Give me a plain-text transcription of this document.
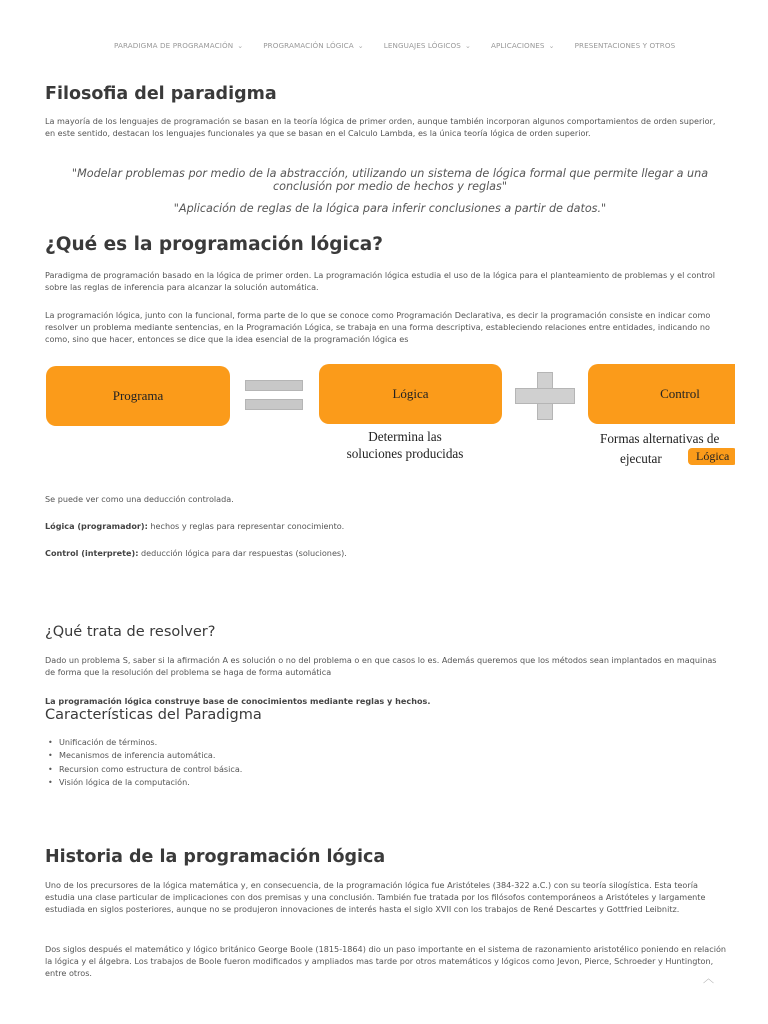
PARADIGMA DE PROGRAMACIÓN ⌄	PROGRAMACIÓN LÓGICA ⌄	LENGUAJES LÓGICOS ⌄	APLICACIONES ⌄	PRESENTACIONES Y OTROS
Filosofia del paradigma

La mayoría de los lenguajes de programación se basan en la teoría lógica de primer orden, aunque también incorporan algunos comportamientos de orden superior, en este sentido, destacan los lenguajes funcionales ya que se basan en el Calculo Lambda, es la única teoría lógica de orden superior.

"Modelar problemas por medio de la abstracción, utilizando un sistema de lógica formal que permite llegar a una conclusión por medio de hechos y reglas"

"Aplicación de reglas de la lógica para inferir conclusiones a partir de datos."

¿Qué es la programación lógica?

Paradigma de programación basado en la lógica de primer orden. La programación lógica estudia el uso de la lógica para el planteamiento de problemas y el control sobre las reglas de inferencia para alcanzar la solución automática.

La programación lógica, junto con la funcional, forma parte de lo que se conoce como Programación Declarativa, es decir la programación consiste en indicar como resolver un problema mediante sentencias, en la Programación Lógica, se trabaja en una forma descriptiva, estableciendo relaciones entre entidades, indicando no como, sino que hacer, entonces se dice que la idea esencial de la programación lógica es

Programa	Lógica	Control
Determina las
soluciones producidas
Formas alternativas de
ejecutar	Lógica

Se puede ver como una deducción controlada.

Lógica (programador): hechos y reglas para representar conocimiento.

Control (interprete): deducción lógica para dar respuestas (soluciones).

¿Qué trata de resolver?

Dado un problema S, saber si la afirmación A es solución o no del problema o en que casos lo es. Además queremos que los métodos sean implantados en maquinas de forma que la resolución del problema se haga de forma automática

La programación lógica construye base de conocimientos mediante reglas y hechos.

Características del Paradigma
• Unificación de términos.
• Mecanismos de inferencia automática.
• Recursion como estructura de control básica.
• Visión lógica de la computación.
Historia de la programación lógica

Uno de los precursores de la lógica matemática y, en consecuencia, de la programación lógica fue Aristóteles (384-322 a.C.) con su teoría silogística. Esta teoría estudia una clase particular de implicaciones con dos premisas y una conclusión. También fue tratada por los filósofos contemporáneos a Aristóteles y largamente estudiada en siglos posteriores, aunque no se produjeron innovaciones de interés hasta el siglo XVII con los trabajos de René Descartes y Gottfried Leibnitz.

Dos siglos después el matemático y lógico británico George Boole (1815-1864) dio un paso importante en el sistema de razonamiento aristotélico poniendo en relación la lógica y el álgebra. Los trabajos de Boole fueron modificados y ampliados mas tarde por otros matemáticos y lógicos como Jevon, Pierce, Schroeder y Huntington, entre otros.	︿
